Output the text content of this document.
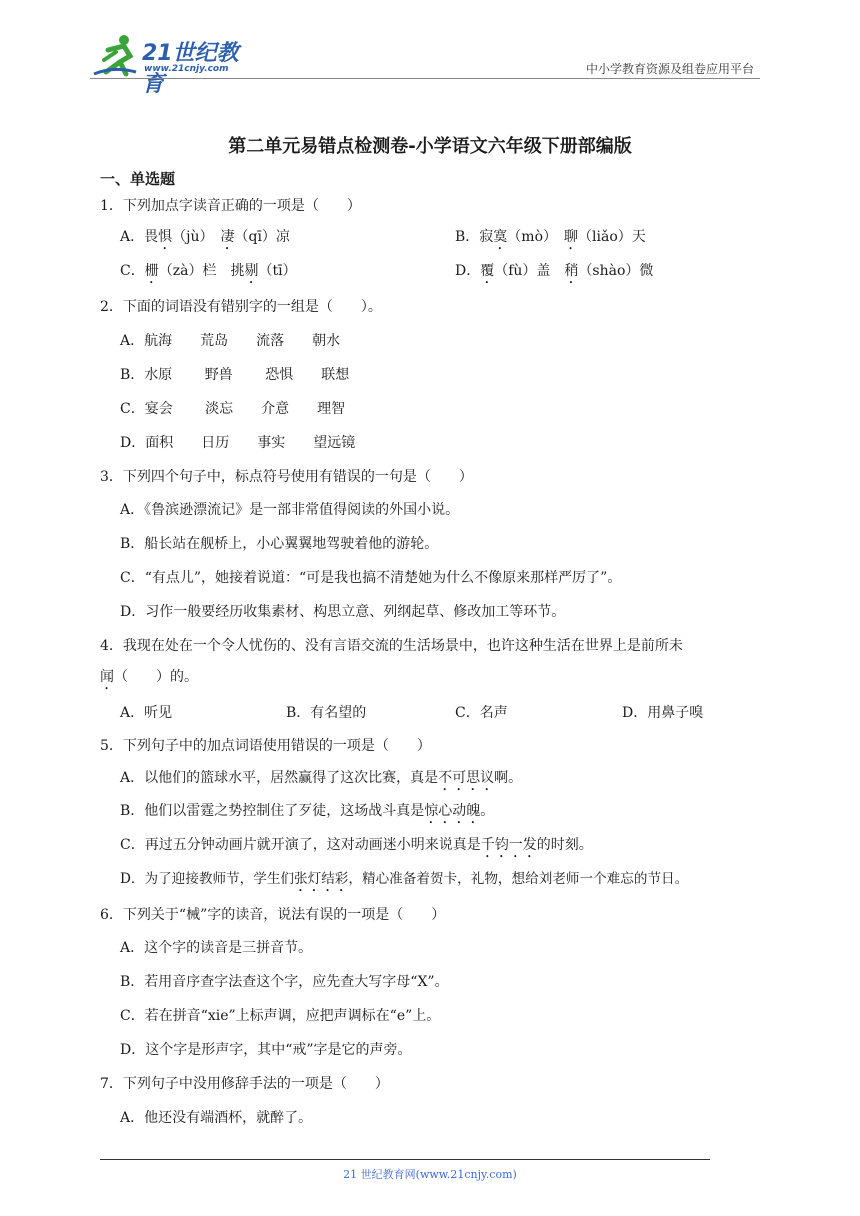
21世纪教育
www.21cnjy.com	中小学教育资源及组卷应用平台
第二单元易错点检测卷-小学语文六年级下册部编版
一、单选题
1．下列加点字读音正确的一项是（　　）
A．畏惧（jù）　凄（qī）凉	B．寂寞（mò）　聊（liǎo）天
C．栅（zà）栏　挑剔（tī）	D．覆（fù）盖　稍（shào）微
2．下面的词语没有错别字的一组是（　　）。
A．航海　　荒岛　　流落　　朝水
B．水原　　 野兽　　 恐惧　　联想
C．宴会　　 淡忘　　介意　　理智
D．面积　　日历　　事实　　望远镜
3．下列四个句子中，标点符号使用有错误的一句是（　　）
A．《鲁滨逊漂流记》是一部非常值得阅读的外国小说。
B．船长站在舰桥上，小心翼翼地驾驶着他的游轮。
C．“有点儿”，她接着说道：“可是我也搞不清楚她为什么不像原来那样严厉了”。
D．习作一般要经历收集素材、构思立意、列纲起草、修改加工等环节。
4．我现在处在一个令人忧伤的、没有言语交流的生活场景中，也许这种生活在世界上是前所未
闻（　　）的。
A．听见	B．有名望的	C．名声	D．用鼻子嗅
5．下列句子中的加点词语使用错误的一项是（　　）
A．以他们的篮球水平，居然赢得了这次比赛，真是不可思议啊。
B．他们以雷霆之势控制住了歹徒，这场战斗真是惊心动魄。
C．再过五分钟动画片就开演了，这对动画迷小明来说真是千钧一发的时刻。
D．为了迎接教师节，学生们张灯结彩，精心准备着贺卡，礼物，想给刘老师一个难忘的节日。
6．下列关于“械”字的读音，说法有误的一项是（　　）
A．这个字的读音是三拼音节。
B．若用音序查字法查这个字，应先查大写字母“X”。
C．若在拼音“xie”上标声调，应把声调标在“e”上。
D．这个字是形声字，其中“戒”字是它的声旁。
7．下列句子中没用修辞手法的一项是（　　）
A．他还没有端酒杯，就醉了。
21 世纪教育网(www.21cnjy.com)
